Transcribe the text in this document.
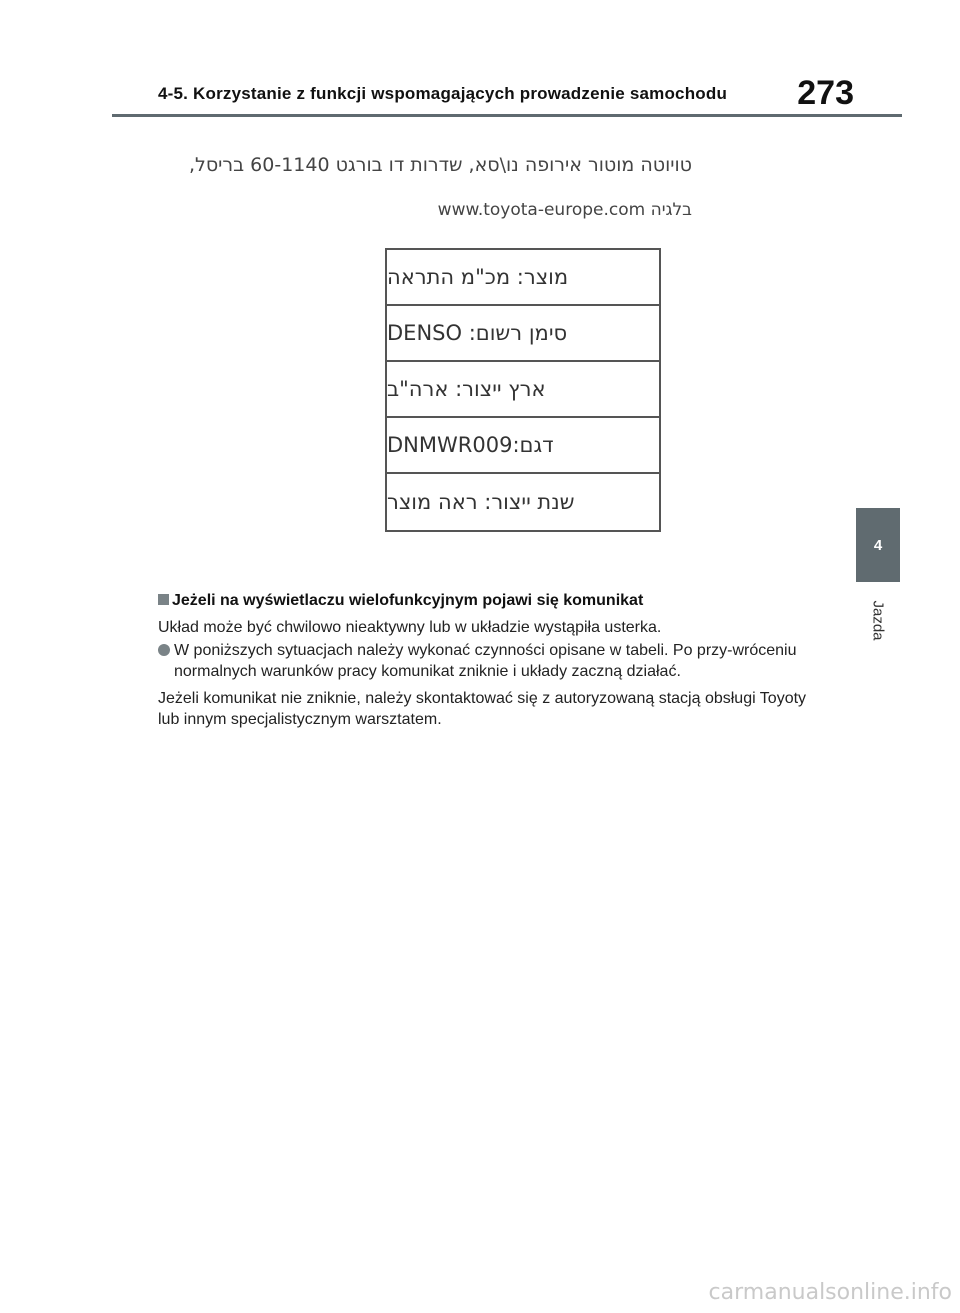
4-5. Korzystanie z funkcji wspomagających prowadzenie samochodu 273
טויוטה מוטור אירופה נו\סא, שדרות דו בורגט 60-1140 בריסל,
www.toyota-europe.com בלגיה
מוצר: מכ"מ התראה
סימן רשום: DENSO
ארץ ייצור: ארה"ב
דגם:DNMWR009
שנת ייצור: ראה מוצר
Jeżeli na wyświetlaczu wielofunkcyjnym pojawi się komunikat
Układ może być chwilowo nieaktywny lub w układzie wystąpiła usterka.
W poniższych sytuacjach należy wykonać czynności opisane w tabeli. Po przy-wróceniu normalnych warunków pracy komunikat zniknie i układy zaczną działać.
Jeżeli komunikat nie zniknie, należy skontaktować się z autoryzowaną stacją obsługi Toyoty lub innym specjalistycznym warsztatem.
4
Jazda
carmanualsonline.info
